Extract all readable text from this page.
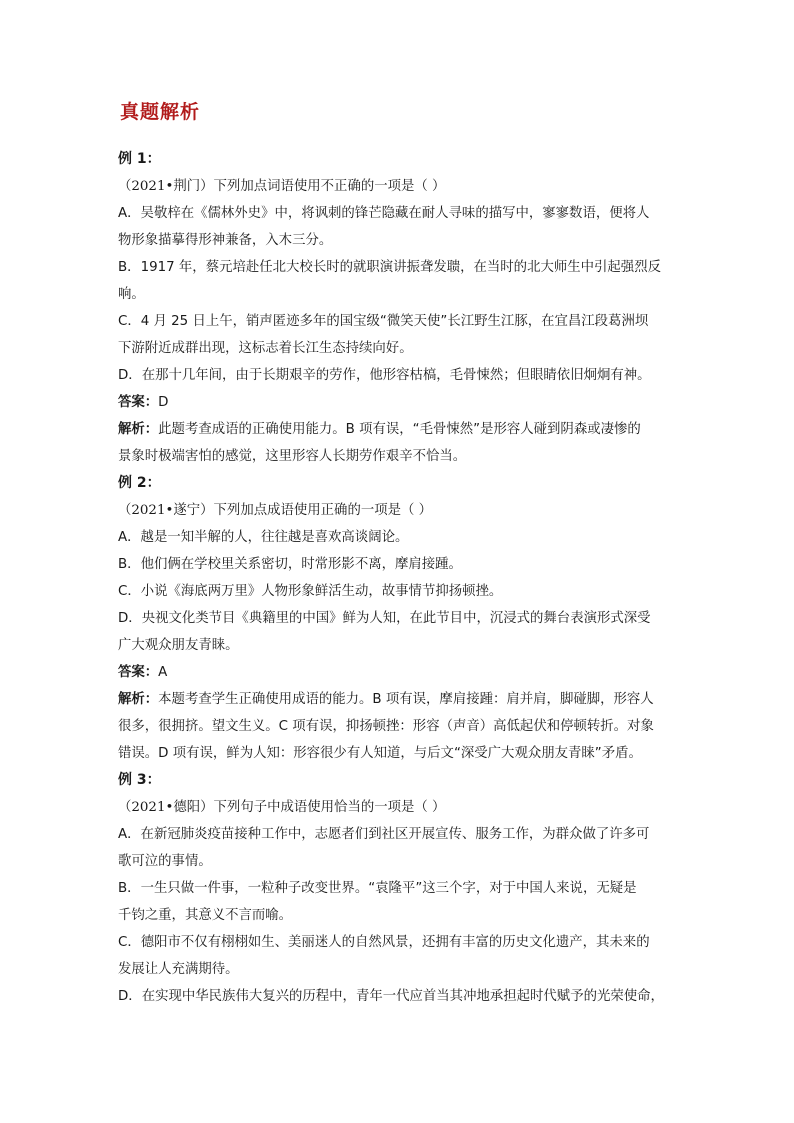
真题解析
例 1：
（2021•荆门）下列加点词语使用不正确的一项是（ ）
A．吴敬梓在《儒林外史》中，将讽刺的锋芒隐藏在耐人寻味的描写中，寥寥数语，便将人
物形象描摹得形神兼备，入木三分。
B．1917 年，蔡元培赴任北大校长时的就职演讲振聋发聩，在当时的北大师生中引起强烈反
响。
C．4 月 25 日上午，销声匿迹多年的国宝级“微笑天使”长江野生江豚，在宜昌江段葛洲坝
下游附近成群出现，这标志着长江生态持续向好。
D．在那十几年间，由于长期艰辛的劳作，他形容枯槁，毛骨悚然；但眼睛依旧炯炯有神。
答案：D
解析：此题考查成语的正确使用能力。B 项有误，“毛骨悚然”是形容人碰到阴森或凄惨的
景象时极端害怕的感觉，这里形容人长期劳作艰辛不恰当。
例 2：
（2021•遂宁）下列加点成语使用正确的一项是（ ）
A．越是一知半解的人，往往越是喜欢高谈阔论。
B．他们俩在学校里关系密切，时常形影不离，摩肩接踵。
C．小说《海底两万里》人物形象鲜活生动，故事情节抑扬顿挫。
D．央视文化类节目《典籍里的中国》鲜为人知，在此节目中，沉浸式的舞台表演形式深受
广大观众朋友青睐。
答案：A
解析：本题考查学生正确使用成语的能力。B 项有误，摩肩接踵：肩并肩，脚碰脚，形容人
很多，很拥挤。望文生义。C 项有误，抑扬顿挫：形容（声音）高低起伏和停顿转折。对象
错误。D 项有误，鲜为人知：形容很少有人知道，与后文“深受广大观众朋友青睐”矛盾。
例 3：
（2021•德阳）下列句子中成语使用恰当的一项是（ ）
A．在新冠肺炎疫苗接种工作中，志愿者们到社区开展宣传、服务工作，为群众做了许多可
歌可泣的事情。
B．一生只做一件事，一粒种子改变世界。“袁隆平”这三个字，对于中国人来说，无疑是
千钧之重，其意义不言而喻。
C．德阳市不仅有栩栩如生、美丽迷人的自然风景，还拥有丰富的历史文化遗产，其未来的
发展让人充满期待。
D．在实现中华民族伟大复兴的历程中，青年一代应首当其冲地承担起时代赋予的光荣使命，
